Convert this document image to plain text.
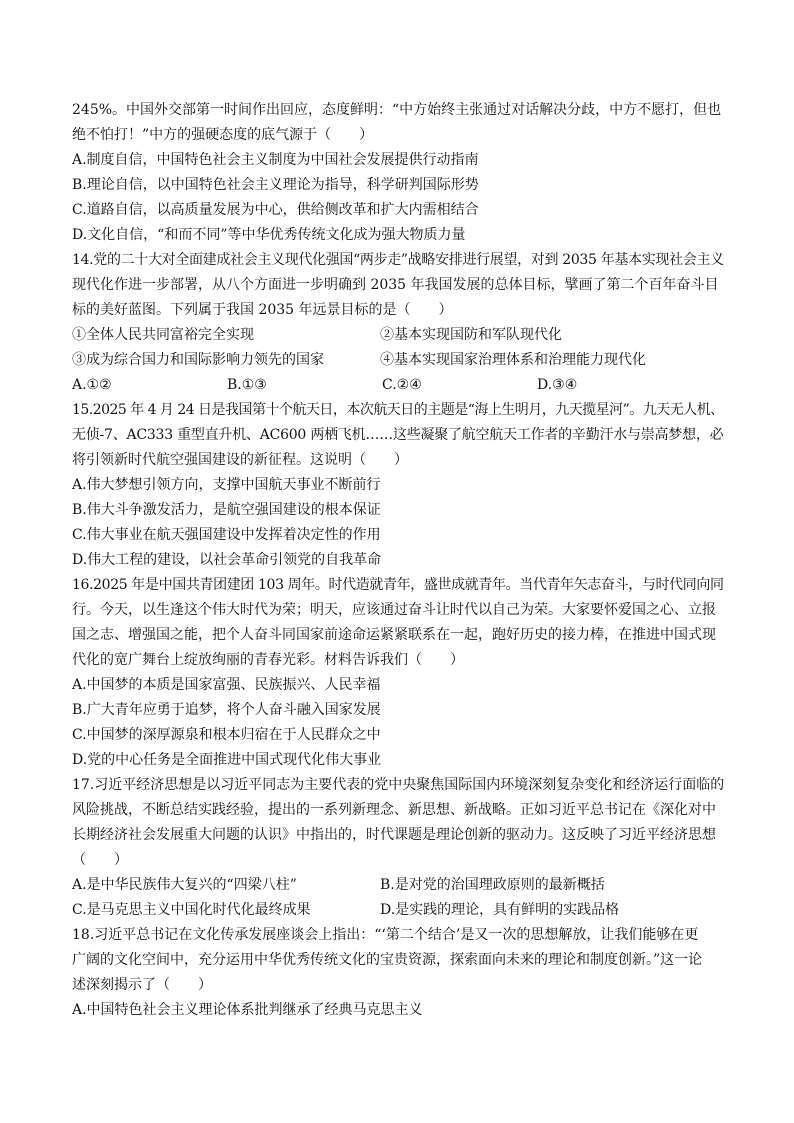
245%。中国外交部第一时间作出回应，态度鲜明：“中方始终主张通过对话解决分歧，中方不愿打，但也
绝不怕打！”中方的强硬态度的底气源于（　　）
A.制度自信，中国特色社会主义制度为中国社会发展提供行动指南
B.理论自信，以中国特色社会主义理论为指导，科学研判国际形势
C.道路自信，以高质量发展为中心，供给侧改革和扩大内需相结合
D.文化自信，“和而不同”等中华优秀传统文化成为强大物质力量
14.党的二十大对全面建成社会主义现代化强国“两步走”战略安排进行展望，对到 2035 年基本实现社会主义
现代化作进一步部署，从八个方面进一步明确到 2035 年我国发展的总体目标，擘画了第二个百年奋斗目
标的美好蓝图。下列属于我国 2035 年远景目标的是（　　）
①全体人民共同富裕完全实现	②基本实现国防和军队现代化
③成为综合国力和国际影响力领先的国家	④基本实现国家治理体系和治理能力现代化
A.①②	B.①③	C.②④	D.③④
15.2025 年 4 月 24 日是我国第十个航天日，本次航天日的主题是“海上生明月，九天揽星河”。九天无人机、
无侦-7、AC333 重型直升机、AC600 两栖飞机……这些凝聚了航空航天工作者的辛勤汗水与崇高梦想，必
将引领新时代航空强国建设的新征程。这说明（　　）
A.伟大梦想引领方向，支撑中国航天事业不断前行
B.伟大斗争激发活力，是航空强国建设的根本保证
C.伟大事业在航天强国建设中发挥着决定性的作用
D.伟大工程的建设，以社会革命引领党的自我革命
16.2025 年是中国共青团建团 103 周年。时代造就青年，盛世成就青年。当代青年矢志奋斗，与时代同向同
行。今天，以生逢这个伟大时代为荣；明天，应该通过奋斗让时代以自己为荣。大家要怀爱国之心、立报
国之志、增强国之能，把个人奋斗同国家前途命运紧紧联系在一起，跑好历史的接力棒，在推进中国式现
代化的宽广舞台上绽放绚丽的青春光彩。材料告诉我们（　　）
A.中国梦的本质是国家富强、民族振兴、人民幸福
B.广大青年应勇于追梦，将个人奋斗融入国家发展
C.中国梦的深厚源泉和根本归宿在于人民群众之中
D.党的中心任务是全面推进中国式现代化伟大事业
17.习近平经济思想是以习近平同志为主要代表的党中央聚焦国际国内环境深刻复杂变化和经济运行面临的
风险挑战，不断总结实践经验，提出的一系列新理念、新思想、新战略。正如习近平总书记在《深化对中
长期经济社会发展重大问题的认识》中指出的，时代课题是理论创新的驱动力。这反映了习近平经济思想
（　　）
A.是中华民族伟大复兴的“四梁八柱”	B.是对党的治国理政原则的最新概括
C.是马克思主义中国化时代化最终成果	D.是实践的理论，具有鲜明的实践品格
18.习近平总书记在文化传承发展座谈会上指出：“‘第二个结合’是又一次的思想解放，让我们能够在更
广阔的文化空间中，充分运用中华优秀传统文化的宝贵资源，探索面向未来的理论和制度创新。”这一论
述深刻揭示了（　　）
A.中国特色社会主义理论体系批判继承了经典马克思主义
